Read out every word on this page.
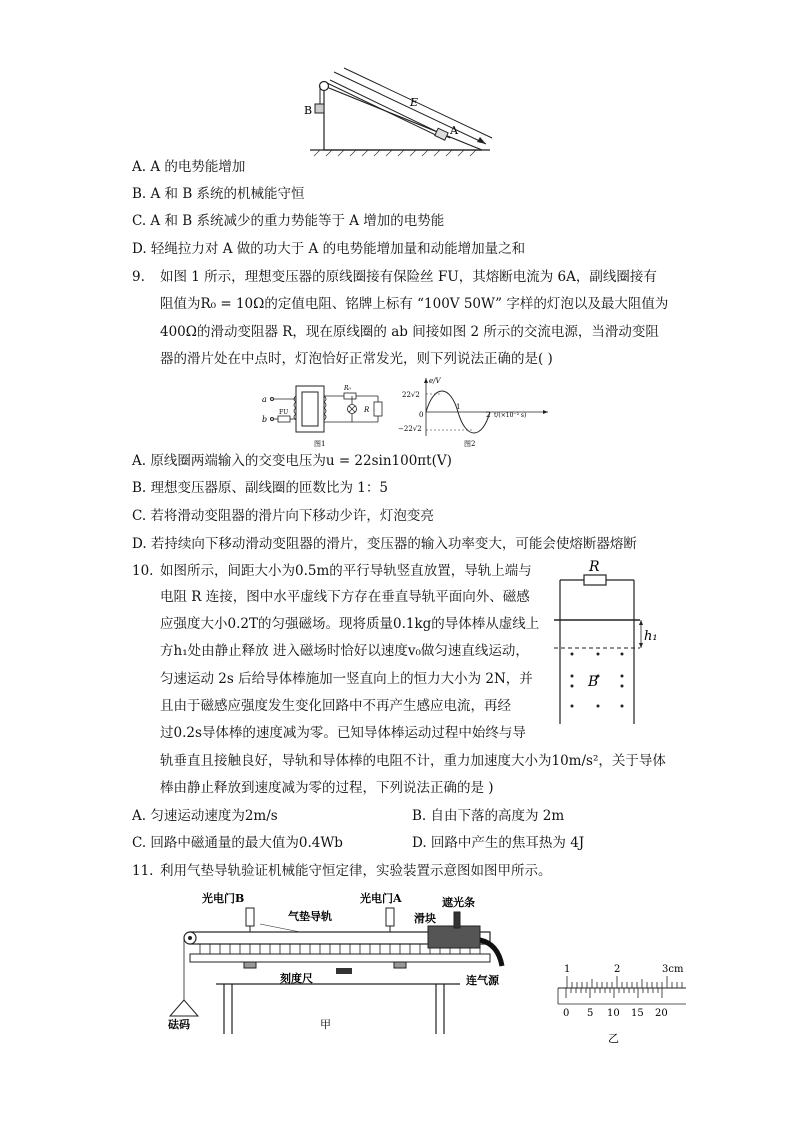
B
E
A
A. A 的电势能增加
B. A 和 B 系统的机械能守恒
C. A 和 B 系统减少的重力势能等于 A 增加的电势能
D. 轻绳拉力对 A 做的功大于 A 的电势能增加量和动能增加量之和
9. 如图 1 所示，理想变压器的原线圈接有保险丝 FU，其熔断电流为 6A，副线圈接有
阻值为R₀ = 10Ω的定值电阻、铭牌上标有 “100V 50W” 字样的灯泡以及最大阻值为
400Ω的滑动变阻器 R，现在原线圈的 ab 间接如图 2 所示的交流电源，当滑动变阻
器的滑片处在中点时，灯泡恰好正常发光，则下列说法正确的是( )
a
b
FU
R₀
R
图1
e/V
22√2
−22√2
0
1
2 t/(×10⁻² s)
图2
A. 原线圈两端输入的交变电压为u = 22sin100πt(V)
B. 理想变压器原、副线圈的匝数比为 1：5
C. 若将滑动变阻器的滑片向下移动少许，灯泡变亮
D. 若持续向下移动滑动变阻器的滑片，变压器的输入功率变大，可能会使熔断器熔断
10. 如图所示，间距大小为0.5m的平行导轨竖直放置，导轨上端与
电阻 R 连接，图中水平虚线下方存在垂直导轨平面向外、磁感
应强度大小0.2T的匀强磁场。现将质量0.1kg的导体棒从虚线上
方h₁处由静止释放 进入磁场时恰好以速度v₀做匀速直线运动，
匀速运动 2s 后给导体棒施加一竖直向上的恒力大小为 2N，并
且由于磁感应强度发生变化回路中不再产生感应电流，再经
过0.2s导体棒的速度减为零。已知导体棒运动过程中始终与导
轨垂直且接触良好，导轨和导体棒的电阻不计，重力加速度大小为10m/s²，关于导体
棒由静止释放到速度减为零的过程，下列说法正确的是 )
R
h₁
B
A. 匀速运动速度为2m/s	B. 自由下落的高度为 2m
C. 回路中磁通量的最大值为0.4Wb	D. 回路中产生的焦耳热为 4J
11. 利用气垫导轨验证机械能守恒定律，实验装置示意图如图甲所示。
光电门B	光电门A
气垫导轨	滑块
遮光条
刻度尺	连气源
砝码	甲
1	2	3cm
0 5 10 15 20
乙
